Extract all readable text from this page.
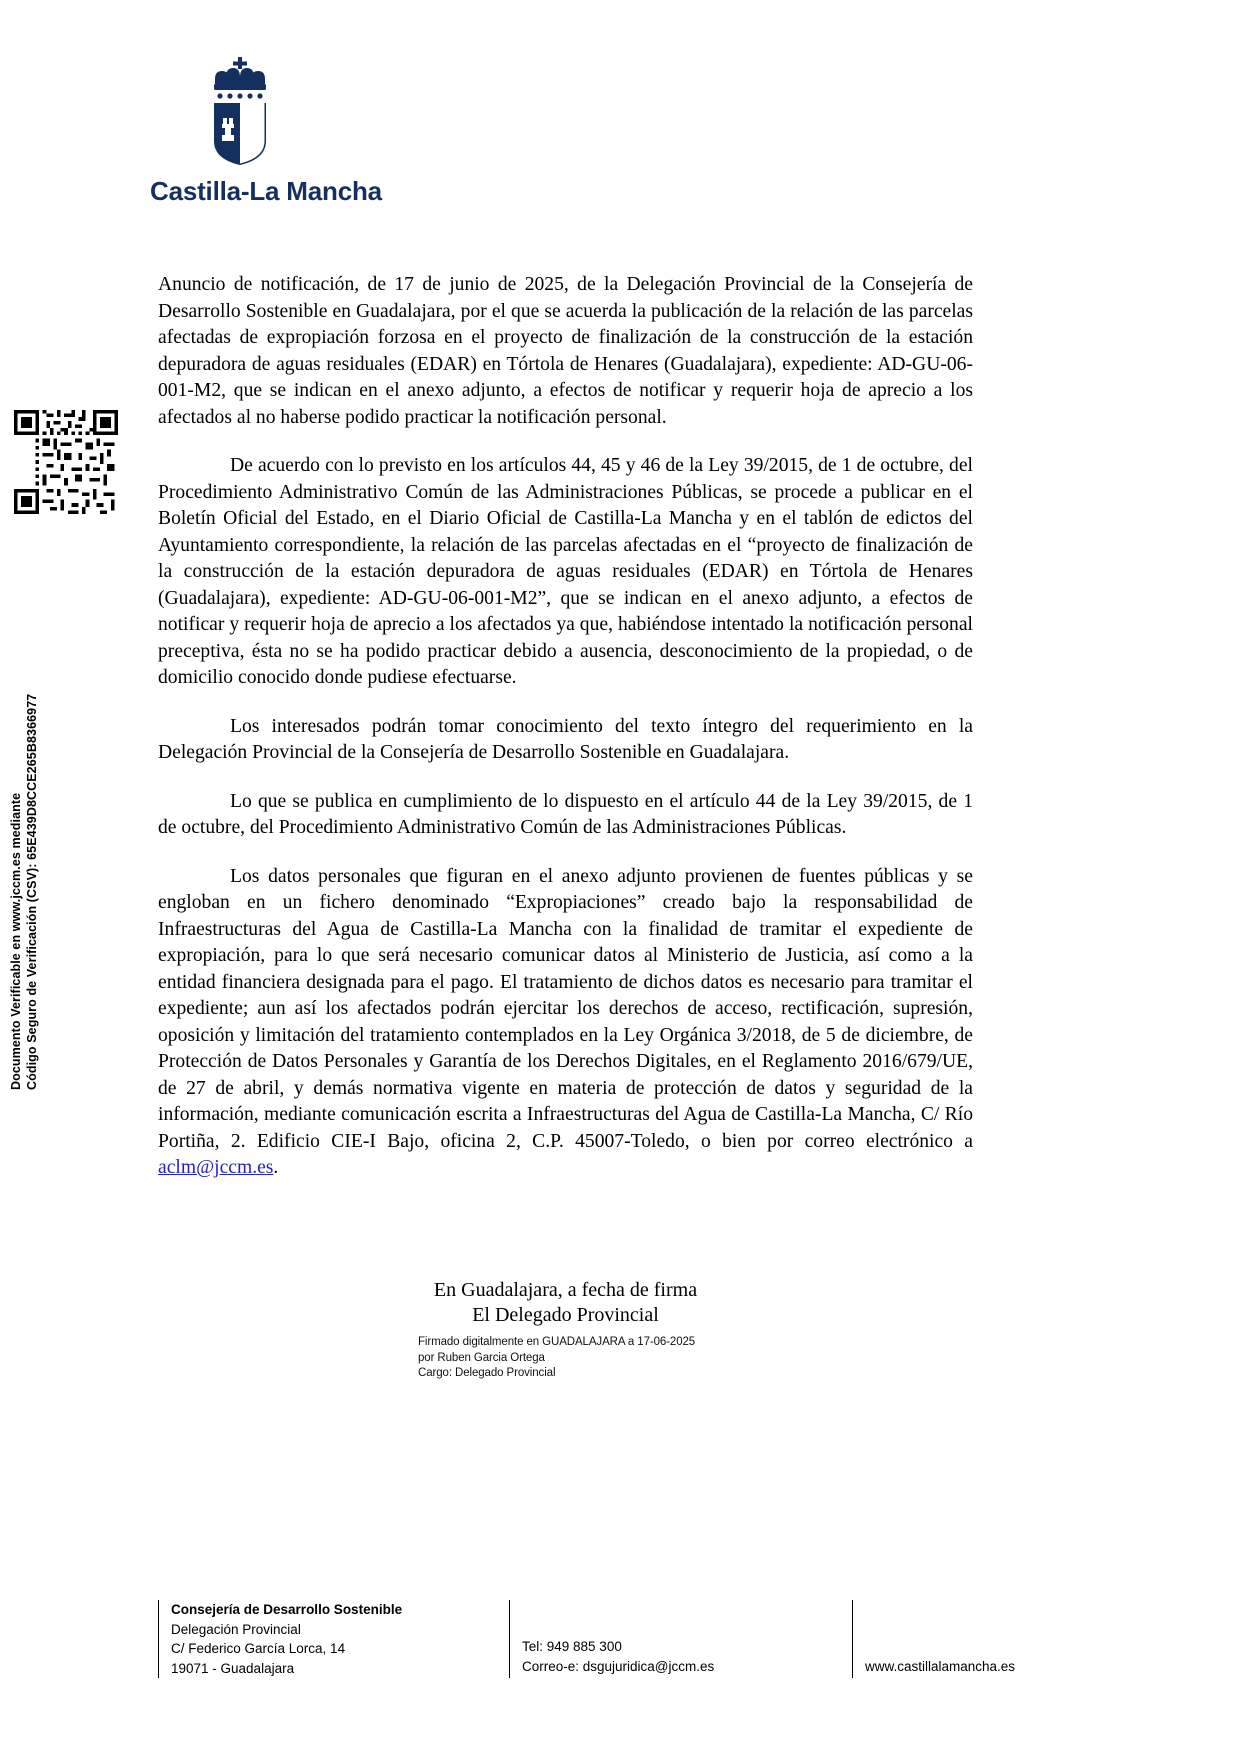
Documento Verificable en www.jccm.es mediante Código Seguro de Verificación (CSV): 65E439D8CCE265B8366977
Castilla-La Mancha

Anuncio de notificación, de 17 de junio de 2025, de la Delegación Provincial de la Consejería de Desarrollo Sostenible en Guadalajara, por el que se acuerda la publicación de la relación de las parcelas afectadas de expropiación forzosa en el proyecto de finalización de la construcción de la estación depuradora de aguas residuales (EDAR) en Tórtola de Henares (Guadalajara), expediente: AD-GU-06-001-M2, que se indican en el anexo adjunto, a efectos de notificar y requerir hoja de aprecio a los afectados al no haberse podido practicar la notificación personal.

De acuerdo con lo previsto en los artículos 44, 45 y 46 de la Ley 39/2015, de 1 de octubre, del Procedimiento Administrativo Común de las Administraciones Públicas, se procede a publicar en el Boletín Oficial del Estado, en el Diario Oficial de Castilla-La Mancha y en el tablón de edictos del Ayuntamiento correspondiente, la relación de las parcelas afectadas en el “proyecto de finalización de la construcción de la estación depuradora de aguas residuales (EDAR) en Tórtola de Henares (Guadalajara), expediente: AD-GU-06-001-M2”, que se indican en el anexo adjunto, a efectos de notificar y requerir hoja de aprecio a los afectados ya que, habiéndose intentado la notificación personal preceptiva, ésta no se ha podido practicar debido a ausencia, desconocimiento de la propiedad, o de domicilio conocido donde pudiese efectuarse.

Los interesados podrán tomar conocimiento del texto íntegro del requerimiento en la Delegación Provincial de la Consejería de Desarrollo Sostenible en Guadalajara.

Lo que se publica en cumplimiento de lo dispuesto en el artículo 44 de la Ley 39/2015, de 1 de octubre, del Procedimiento Administrativo Común de las Administraciones Públicas.

Los datos personales que figuran en el anexo adjunto provienen de fuentes públicas y se engloban en un fichero denominado “Expropiaciones” creado bajo la responsabilidad de Infraestructuras del Agua de Castilla-La Mancha con la finalidad de tramitar el expediente de expropiación, para lo que será necesario comunicar datos al Ministerio de Justicia, así como a la entidad financiera designada para el pago. El tratamiento de dichos datos es necesario para tramitar el expediente; aun así los afectados podrán ejercitar los derechos de acceso, rectificación, supresión, oposición y limitación del tratamiento contemplados en la Ley Orgánica 3/2018, de 5 de diciembre, de Protección de Datos Personales y Garantía de los Derechos Digitales, en el Reglamento 2016/679/UE, de 27 de abril, y demás normativa vigente en materia de protección de datos y seguridad de la información, mediante comunicación escrita a Infraestructuras del Agua de Castilla-La Mancha, C/ Río Portiña, 2. Edificio CIE-I Bajo, oficina 2, C.P. 45007-Toledo, o bien por correo electrónico a aclm@jccm.es.

En Guadalajara, a fecha de firma
El Delegado Provincial
Firmado digitalmente en GUADALAJARA a 17-06-2025
por Ruben Garcia Ortega
Cargo: Delegado Provincial
Consejería de Desarrollo Sostenible
Delegación Provincial
C/ Federico García Lorca, 14
19071 - Guadalajara
Tel: 949 885 300
Correo-e: dsgujuridica@jccm.es	www.castillalamancha.es
